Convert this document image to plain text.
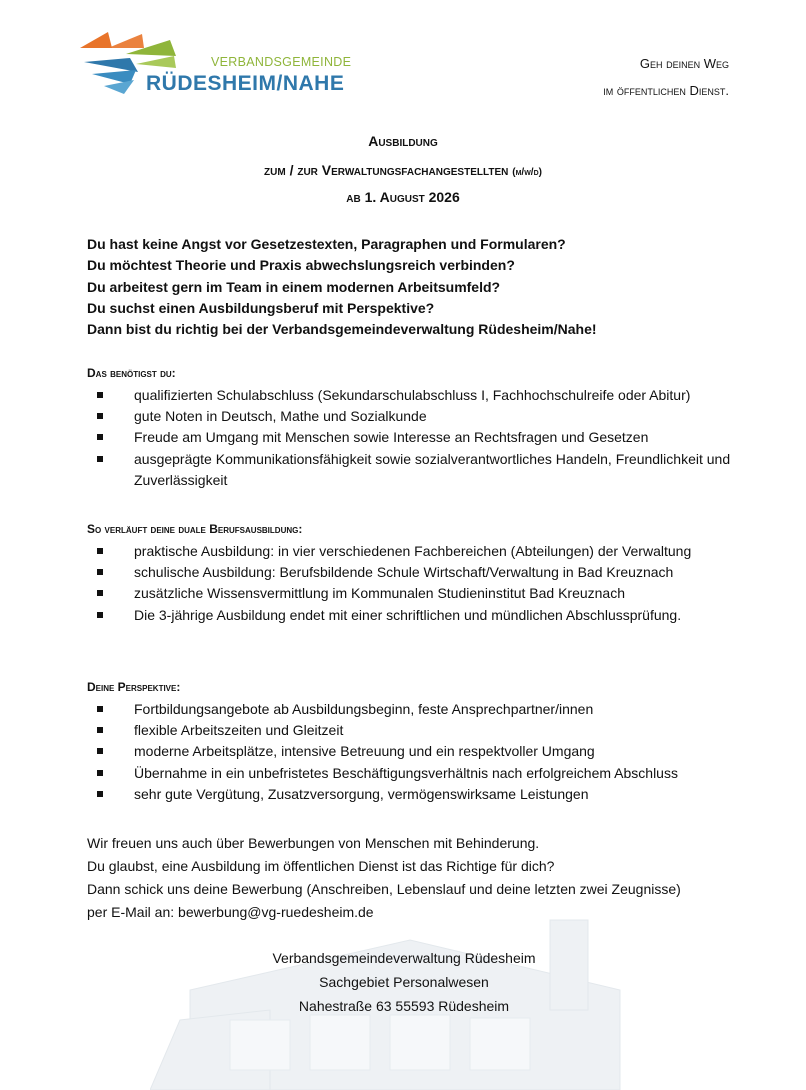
VERBANDSGEMEINDE
RÜDESHEIM/NAHE
Geh deinen Weg
im öffentlichen Dienst.
Ausbildung
zum / zur Verwaltungsfachangestellten (m/w/d)
ab 1. August 2026
Du hast keine Angst vor Gesetzestexten, Paragraphen und Formularen?
Du möchtest Theorie und Praxis abwechslungsreich verbinden?
Du arbeitest gern im Team in einem modernen Arbeitsumfeld?
Du suchst einen Ausbildungsberuf mit Perspektive?
Dann bist du richtig bei der Verbandsgemeindeverwaltung Rüdesheim/Nahe!
Das benötigst du:
qualifizierten Schulabschluss (Sekundarschulabschluss I, Fachhochschulreife oder Abitur)
gute Noten in Deutsch, Mathe und Sozialkunde
Freude am Umgang mit Menschen sowie Interesse an Rechtsfragen und Gesetzen
ausgeprägte Kommunikationsfähigkeit sowie sozialverantwortliches Handeln, Freundlichkeit und Zuverlässigkeit
So verläuft deine duale Berufsausbildung:
praktische Ausbildung: in vier verschiedenen Fachbereichen (Abteilungen) der Verwaltung
schulische Ausbildung: Berufsbildende Schule Wirtschaft/Verwaltung in Bad Kreuznach
zusätzliche Wissensvermittlung im Kommunalen Studieninstitut Bad Kreuznach
Die 3-jährige Ausbildung endet mit einer schriftlichen und mündlichen Abschlussprüfung.
Deine Perspektive:
Fortbildungsangebote ab Ausbildungsbeginn, feste Ansprechpartner/innen
flexible Arbeitszeiten und Gleitzeit
moderne Arbeitsplätze, intensive Betreuung und ein respektvoller Umgang
Übernahme in ein unbefristetes Beschäftigungsverhältnis nach erfolgreichem Abschluss
sehr gute Vergütung, Zusatzversorgung, vermögenswirksame Leistungen
Wir freuen uns auch über Bewerbungen von Menschen mit Behinderung.
Du glaubst, eine Ausbildung im öffentlichen Dienst ist das Richtige für dich?
Dann schick uns deine Bewerbung (Anschreiben, Lebenslauf und deine letzten zwei Zeugnisse)
per E-Mail an: bewerbung@vg-ruedesheim.de
Verbandsgemeindeverwaltung Rüdesheim
Sachgebiet Personalwesen
Nahestraße 63 55593 Rüdesheim
